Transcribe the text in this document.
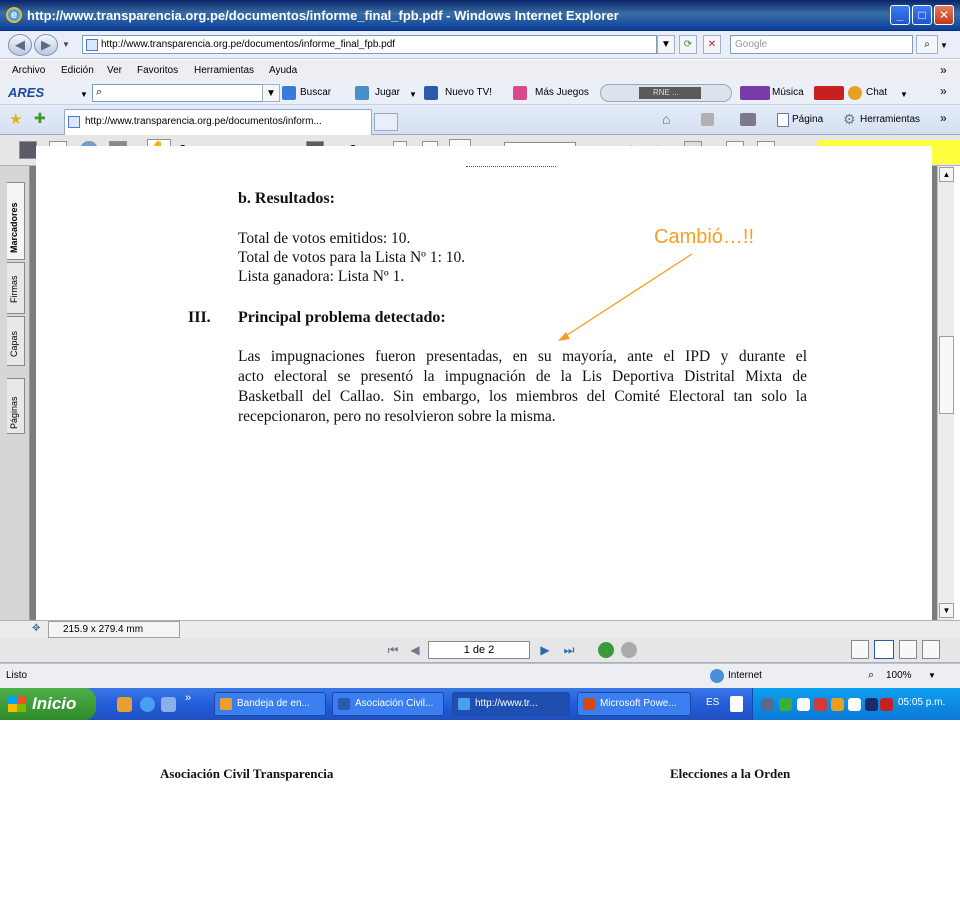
e http://www.transparencia.org.pe/documentos/informe_final_fpb.pdf - Windows Internet Explorer	_	□	✕
◀	▶	▼	http://www.transparencia.org.pe/documentos/informe_final_fpb.pdf	▼	⟳	✕	Google	⌕	▼
Archivo Edición Ver Favoritos Herramientas Ayuda	»
ARES	▼ ⌕	▼	Buscar	Jugar ▼	Nuevo TV!	Más Juegos	RNE ...	Música	Chat ▼	»
★ ✚	http://www.transparencia.org.pe/documentos/inform...	⌂	Página ⚙ Herramientas »
Marcadores
Firmas
Capas
Páginas
b. Resultados:
Total de votos emitidos: 10.
Total de votos para la Lista Nº 1: 10.
Lista ganadora: Lista Nº 1.
III. Principal problema detectado:
Las impugnaciones fueron presentadas, en su mayoría, ante el IPD y durante el
acto electoral se presentó la impugnación de la Lis Deportiva Distrital Mixta de
Basketball del Callao. Sin embargo, los miembros del Comité Electoral tan solo la
recepcionaron, pero no resolvieron sobre la misma.
Cambió…!!
Asociación Civil Transparencia	Elecciones a la Orden
▲
▼
✥	215.9 x 279.4 mm
⏮ ◀	1 de 2	▶ ⏭
Listo	Internet	⌕ 100% ▼
Inicio	»	Bandeja de en...	Asociación Civil...	http://www.tr...	Microsoft Powe...	ES	05:05 p.m.
